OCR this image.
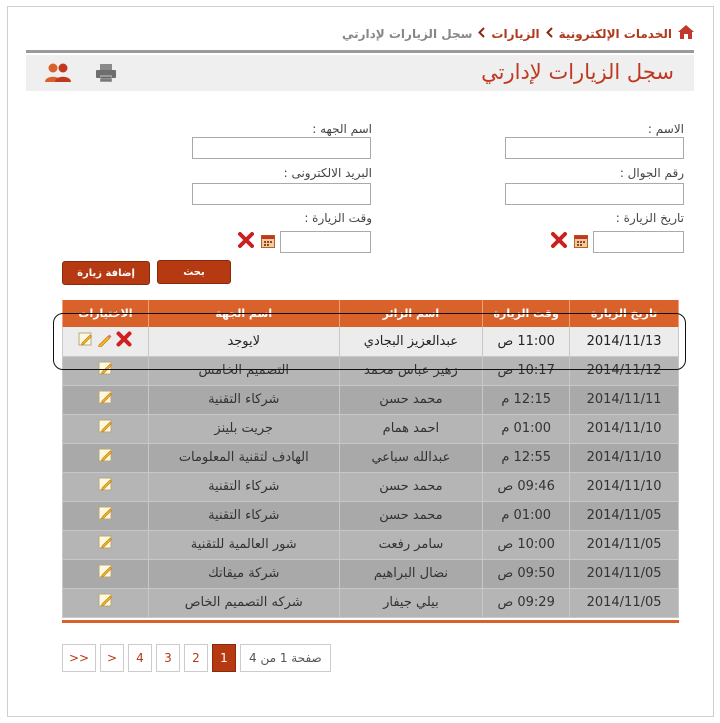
الخدمات الإلكترونية
الزيارات
سجل الزيارات لإدارتي
سجل الزيارات لإدارتي
الاسم :
رقم الجوال :
تاريخ الزيارة :
اسم الجهه :
البريد الالكترونى :
وقت الزيارة :
بحث
إضافة زيارة
تاريخ الزيارة	وقت الزيارة	اسم الزائر	اسم الجهة	الاختيارات
2014/11/13	11:00 ص	عبدالعزيز البجادي	لايوجد	

2014/11/12	10:17 ص	زهير عباس محمد	التصميم الخامس	

2014/11/11	12:15 م	محمد حسن	شركاء التقنية	

2014/11/10	01:00 م	احمد همام	جريت بلينز	

2014/11/10	12:55 م	عبدالله سباعي	الهادف لتقنية المعلومات	

2014/11/10	09:46 ص	محمد حسن	شركاء التقنية	

2014/11/05	01:00 م	محمد حسن	شركاء التقنية	

2014/11/05	10:00 ص	سامر رفعت	شور العالمية للتقنية	

2014/11/05	09:50 ص	نضال البراهيم	شركة ميقاتك	

2014/11/05	09:29 ص	بيلي جيفار	شركه التصميم الخاص	
>>	>	4	3	2	1	صفحة 1 من 4
